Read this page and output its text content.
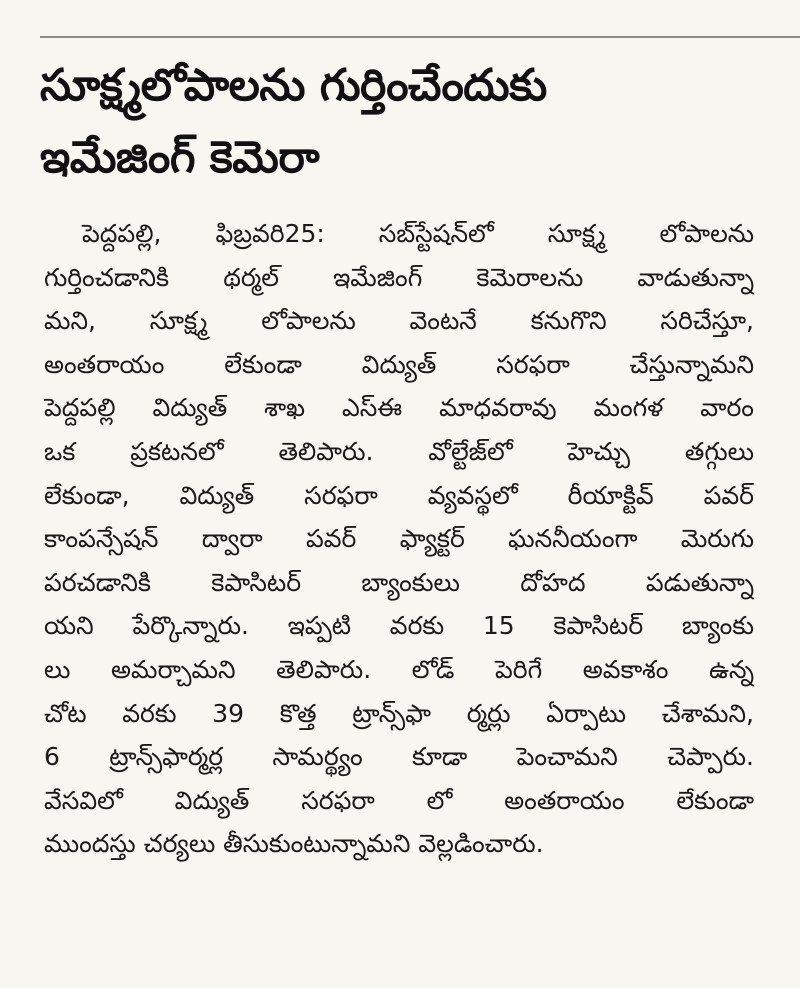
సూక్ష్మలోపాలను గుర్తించేందుకు
ఇమేజింగ్ కెమెరా
పెద్దపల్లి, ఫిబ్రవరి25: సబ్‌స్టేషన్‌లో సూక్ష్మ లోపాలను
గుర్తించడానికి థర్మల్ ఇమేజింగ్ కెమెరాలను వాడుతున్నా
మని, సూక్ష్మ లోపాలను వెంటనే కనుగొని సరిచేస్తూ,
అంతరాయం లేకుండా విద్యుత్ సరఫరా చేస్తున్నామని
పెద్దపల్లి విద్యుత్ శాఖ ఎస్ఈ మాధవరావు మంగళ వారం
ఒక ప్రకటనలో తెలిపారు. వోల్టేజ్‌లో హెచ్చు తగ్గులు
లేకుండా, విద్యుత్ సరఫరా వ్యవస్థలో రీయాక్టివ్ పవర్
కాంపన్సేషన్ ద్వారా పవర్ ఫ్యాక్టర్ ఘననీయంగా మెరుగు
పరచడానికి కెపాసిటర్ బ్యాంకులు దోహద పడుతున్నా
యని పేర్కొన్నారు. ఇప్పటి వరకు 15 కెపాసిటర్ బ్యాంకు
లు అమర్చామని తెలిపారు. లోడ్ పెరిగే అవకాశం ఉన్న
చోట వరకు 39 కొత్త ట్రాన్స్‌ఫా ర్మర్లు ఏర్పాటు చేశామని,
6 ట్రాన్స్‌ఫార్మర్ల సామర్థ్యం కూడా పెంచామని చెప్పారు.
వేసవిలో విద్యుత్ సరఫరా లో అంతరాయం లేకుండా
ముందస్తు చర్యలు తీసుకుంటున్నామని వెల్లడించారు.
